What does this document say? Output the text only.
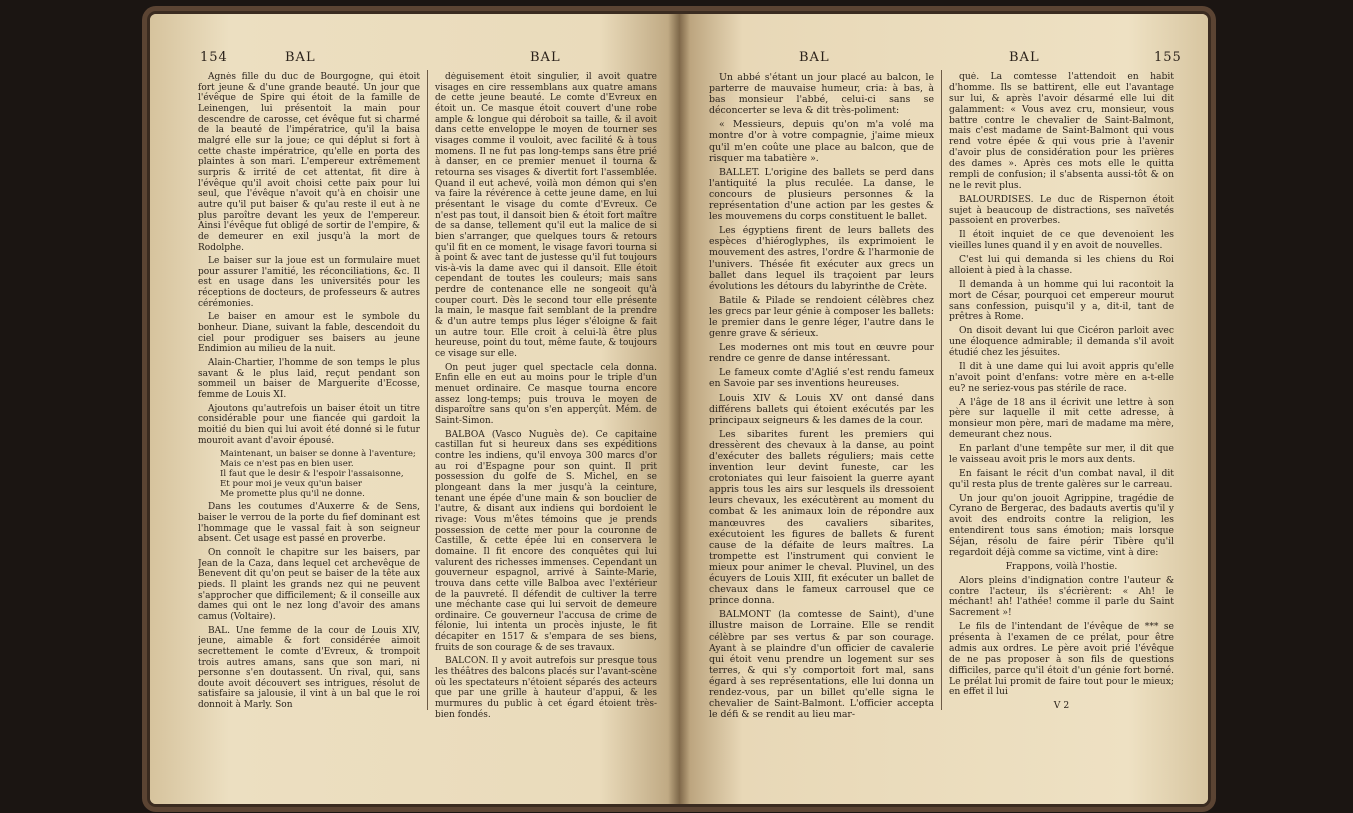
154	BAL	BAL

Agnès fille du duc de Bourgogne, qui étoit fort jeune & d'une grande beauté. Un jour que l'évêque de Spire qui étoit de la famille de Leinengen, lui présentoit la main pour descendre de carosse, cet évêque fut si charmé de la beauté de l'impératrice, qu'il la baisa malgré elle sur la joue; ce qui déplut si fort à cette chaste impératrice, qu'elle en porta des plaintes à son mari. L'empereur extrêmement surpris & irrité de cet attentat, fit dire à l'évêque qu'il avoit choisi cette paix pour lui seul, que l'évêque n'avoit qu'à en choisir une autre qu'il put baiser & qu'au reste il eut à ne plus paroître devant les yeux de l'empereur. Ainsi l'évêque fut obligé de sortir de l'empire, & de demeurer en exil jusqu'à la mort de Rodolphe.

Le baiser sur la joue est un formulaire muet pour assurer l'amitié, les réconciliations, &c. Il est en usage dans les universités pour les réceptions de docteurs, de professeurs & autres cérémonies.

Le baiser en amour est le symbole du bonheur. Diane, suivant la fable, descendoit du ciel pour prodiguer ses baisers au jeune Endimion au milieu de la nuit.

Alain-Chartier, l'homme de son temps le plus savant & le plus laid, reçut pendant son sommeil un baiser de Marguerite d'Ecosse, femme de Louis XI.

Ajoutons qu'autrefois un baiser étoit un titre considérable pour une fiancée qui gardoit la moitié du bien qui lui avoit été donné si le futur mouroit avant d'avoir épousé.

Maintenant, un baiser se donne à l'aventure;
Mais ce n'est pas en bien user.
Il faut que le desir & l'espoir l'assaisonne,
Et pour moi je veux qu'un baiser
Me promette plus qu'il ne donne.

Dans les coutumes d'Auxerre & de Sens, baiser le verrou de la porte du fief dominant est l'hommage que le vassal fait à son seigneur absent. Cet usage est passé en proverbe.

On connoît le chapitre sur les baisers, par Jean de la Caza, dans lequel cet archevêque de Benevent dit qu'on peut se baiser de la tête aux pieds. Il plaint les grands nez qui ne peuvent s'approcher que difficilement; & il conseille aux dames qui ont le nez long d'avoir des amans camus (Voltaire).

BAL. Une femme de la cour de Louis XIV, jeune, aimable & fort considérée aimoit secrettement le comte d'Evreux, & trompoit trois autres amans, sans que son mari, ni personne s'en doutassent. Un rival, qui, sans doute avoit découvert ses intrigues, résolut de satisfaire sa jalousie, il vint à un bal que le roi donnoit à Marly. Son

déguisement étoit singulier, il avoit quatre visages en cire ressemblans aux quatre amans de cette jeune beauté. Le comte d'Evreux en étoit un. Ce masque étoit couvert d'une robe ample & longue qui déroboit sa taille, & il avoit dans cette enveloppe le moyen de tourner ses visages comme il vouloit, avec facilité & à tous momens. Il ne fut pas long-temps sans être prié à danser, en ce premier menuet il tourna & retourna ses visages & divertit fort l'assemblée. Quand il eut achevé, voilà mon démon qui s'en va faire la révérence à cette jeune dame, en lui présentant le visage du comte d'Evreux. Ce n'est pas tout, il dansoit bien & étoit fort maître de sa danse, tellement qu'il eut la malice de si bien s'arranger, que quelques tours & retours qu'il fit en ce moment, le visage favori tourna si à point & avec tant de justesse qu'il fut toujours vis-à-vis la dame avec qui il dansoit. Elle étoit cependant de toutes les couleurs; mais sans perdre de contenance elle ne songeoit qu'à couper court. Dès le second tour elle présente la main, le masque fait semblant de la prendre & d'un autre temps plus léger s'éloigne & fait un autre tour. Elle croit à celui-là être plus heureuse, point du tout, même faute, & toujours ce visage sur elle.

On peut juger quel spectacle cela donna. Enfin elle en eut au moins pour le triple d'un menuet ordinaire. Ce masque tourna encore assez long-temps; puis trouva le moyen de disparoître sans qu'on s'en apperçût. Mém. de Saint-Simon.

BALBOA (Vasco Nuguès de). Ce capitaine castillan fut si heureux dans ses expéditions contre les indiens, qu'il envoya 300 marcs d'or au roi d'Espagne pour son quint. Il prit possession du golfe de S. Michel, en se plongeant dans la mer jusqu'à la ceinture, tenant une épée d'une main & son bouclier de l'autre, & disant aux indiens qui bordoient le rivage: Vous m'êtes témoins que je prends possession de cette mer pour la couronne de Castille, & cette épée lui en conservera le domaine. Il fit encore des conquêtes qui lui valurent des richesses immenses. Cependant un gouverneur espagnol, arrivé à Sainte-Marie, trouva dans cette ville Balboa avec l'extérieur de la pauvreté. Il défendit de cultiver la terre une méchante case qui lui servoit de demeure ordinaire. Ce gouverneur l'accusa de crime de félonie, lui intenta un procès injuste, le fit décapiter en 1517 & s'empara de ses biens, fruits de son courage & de ses travaux.

BALCON. Il y avoit autrefois sur presque tous les théâtres des balcons placés sur l'avant-scène où les spectateurs n'étoient séparés des acteurs que par une grille à hauteur d'appui, & les murmures du public à cet égard étoient très-bien fondés.

BAL	BAL	155

Un abbé s'étant un jour placé au balcon, le parterre de mauvaise humeur, cria: à bas, à bas monsieur l'abbé, celui-ci sans se déconcerter se leva & dit très-poliment:

« Messieurs, depuis qu'on m'a volé ma montre d'or à votre compagnie, j'aime mieux qu'il m'en coûte une place au balcon, que de risquer ma tabatière ».

BALLET. L'origine des ballets se perd dans l'antiquité la plus reculée. La danse, le concours de plusieurs personnes & la représentation d'une action par les gestes & les mouvemens du corps constituent le ballet.

Les égyptiens firent de leurs ballets des espèces d'hiéroglyphes, ils exprimoient le mouvement des astres, l'ordre & l'harmonie de l'univers. Thésée fit exécuter aux grecs un ballet dans lequel ils traçoient par leurs évolutions les détours du labyrinthe de Crète.

Batile & Pilade se rendoient célèbres chez les grecs par leur génie à composer les ballets: le premier dans le genre léger, l'autre dans le genre grave & sérieux.

Les modernes ont mis tout en œuvre pour rendre ce genre de danse intéressant.

Le fameux comte d'Aglié s'est rendu fameux en Savoie par ses inventions heureuses.

Louis XIV & Louis XV ont dansé dans différens ballets qui étoient exécutés par les principaux seigneurs & les dames de la cour.

Les sibarites furent les premiers qui dressèrent des chevaux à la danse, au point d'exécuter des ballets réguliers; mais cette invention leur devint funeste, car les crotoniates qui leur faisoient la guerre ayant appris tous les airs sur lesquels ils dressoient leurs chevaux, les exécutèrent au moment du combat & les animaux loin de répondre aux manœuvres des cavaliers sibarites, exécutoient les figures de ballets & furent cause de la défaite de leurs maîtres. La trompette est l'instrument qui convient le mieux pour animer le cheval. Pluvinel, un des écuyers de Louis XIII, fit exécuter un ballet de chevaux dans le fameux carrousel que ce prince donna.

BALMONT (la comtesse de Saint), d'une illustre maison de Lorraine. Elle se rendit célèbre par ses vertus & par son courage. Ayant à se plaindre d'un officier de cavalerie qui étoit venu prendre un logement sur ses terres, & qui s'y comportoit fort mal, sans égard à ses représentations, elle lui donna un rendez-vous, par un billet qu'elle signa le chevalier de Saint-Balmont. L'officier accepta le défi & se rendit au lieu mar-

qué. La comtesse l'attendoit en habit d'homme. Ils se battirent, elle eut l'avantage sur lui, & après l'avoir désarmé elle lui dit galamment: « Vous avez cru, monsieur, vous battre contre le chevalier de Saint-Balmont, mais c'est madame de Saint-Balmont qui vous rend votre épée & qui vous prie à l'avenir d'avoir plus de considération pour les prières des dames ». Après ces mots elle le quitta rempli de confusion; il s'absenta aussi-tôt & on ne le revit plus.

BALOURDISES. Le duc de Rispernon étoit sujet à beaucoup de distractions, ses naïvetés passoient en proverbes.

Il étoit inquiet de ce que devenoient les vieilles lunes quand il y en avoit de nouvelles.

C'est lui qui demanda si les chiens du Roi alloient à pied à la chasse.

Il demanda à un homme qui lui racontoit la mort de César, pourquoi cet empereur mourut sans confession, puisqu'il y a, dit-il, tant de prêtres à Rome.

On disoit devant lui que Cicéron parloit avec une éloquence admirable; il demanda s'il avoit étudié chez les jésuites.

Il dit à une dame qui lui avoit appris qu'elle n'avoit point d'enfans: votre mère en a-t-elle eu? ne seriez-vous pas stérile de race.

A l'âge de 18 ans il écrivit une lettre à son père sur laquelle il mit cette adresse, à monsieur mon père, mari de madame ma mère, demeurant chez nous.

En parlant d'une tempête sur mer, il dit que le vaisseau avoit pris le mors aux dents.

En faisant le récit d'un combat naval, il dit qu'il resta plus de trente galères sur le carreau.

Un jour qu'on jouoit Agrippine, tragédie de Cyrano de Bergerac, des badauts avertis qu'il y avoit des endroits contre la religion, les entendirent tous sans émotion; mais lorsque Séjan, résolu de faire périr Tibère qu'il regardoit déjà comme sa victime, vint à dire:

Frappons, voilà l'hostie.

Alors pleins d'indignation contre l'auteur & contre l'acteur, ils s'écrièrent: « Ah! le méchant! ah! l'athée! comme il parle du Saint Sacrement »!

Le fils de l'intendant de l'évêque de *** se présenta à l'examen de ce prélat, pour être admis aux ordres. Le père avoit prié l'évêque de ne pas proposer à son fils de questions difficiles, parce qu'il étoit d'un génie fort borné. Le prélat lui promit de faire tout pour le mieux; en effet il lui

V 2
